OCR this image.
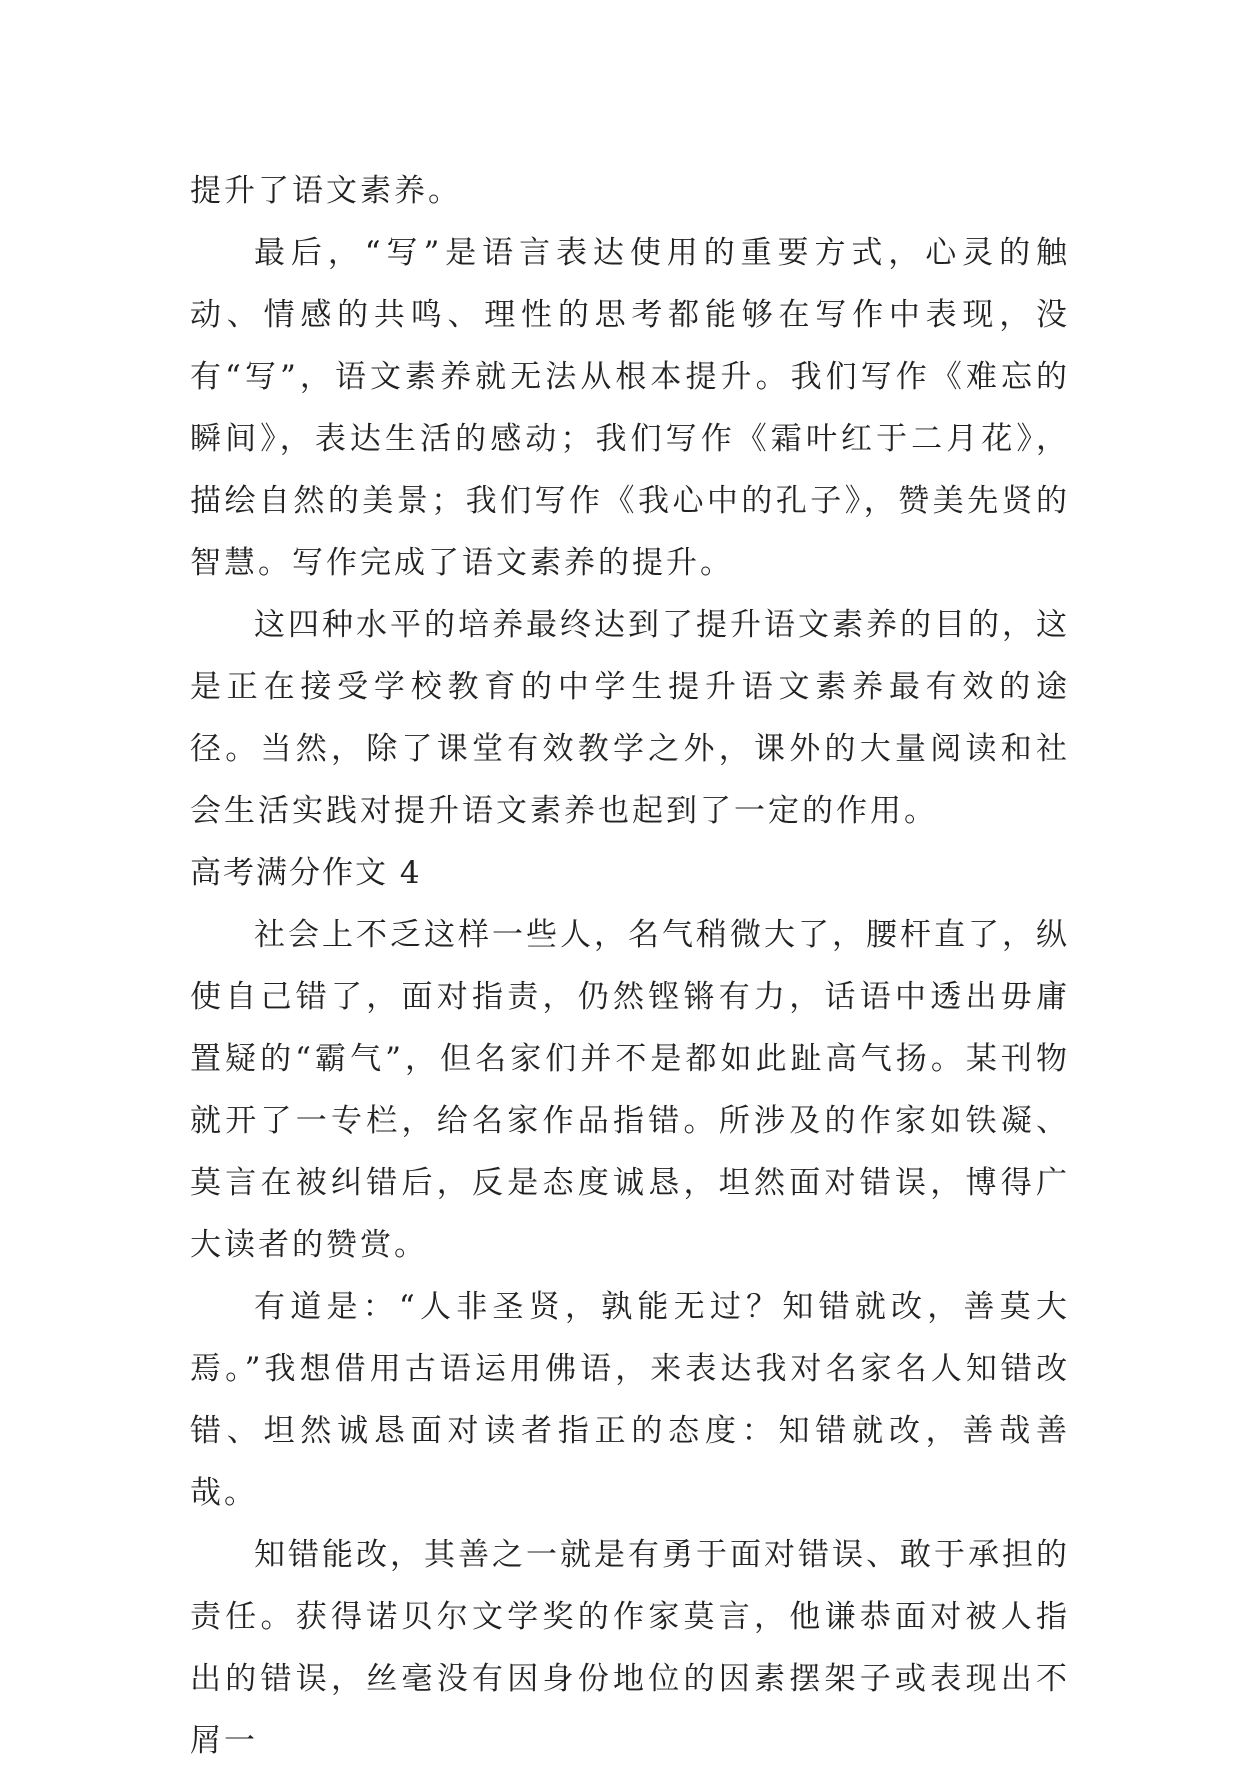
提升了语文素养。

最后，“写”是语言表达使用的重要方式，心灵的触动、情感的共鸣、理性的思考都能够在写作中表现，没有“写”，语文素养就无法从根本提升。我们写作《难忘的瞬间》，表达生活的感动；我们写作《霜叶红于二月花》，描绘自然的美景；我们写作《我心中的孔子》，赞美先贤的智慧。写作完成了语文素养的提升。

这四种水平的培养最终达到了提升语文素养的目的，这是正在接受学校教育的中学生提升语文素养最有效的途径。当然，除了课堂有效教学之外，课外的大量阅读和社会生活实践对提升语文素养也起到了一定的作用。

高考满分作文 4

社会上不乏这样一些人，名气稍微大了，腰杆直了，纵使自己错了，面对指责，仍然铿锵有力，话语中透出毋庸置疑的“霸气”，但名家们并不是都如此趾高气扬。某刊物就开了一专栏，给名家作品指错。所涉及的作家如铁凝、莫言在被纠错后，反是态度诚恳，坦然面对错误，博得广大读者的赞赏。

有道是：“人非圣贤，孰能无过？知错就改，善莫大焉。”我想借用古语运用佛语，来表达我对名家名人知错改错、坦然诚恳面对读者指正的态度：知错就改，善哉善哉。

知错能改，其善之一就是有勇于面对错误、敢于承担的责任。获得诺贝尔文学奖的作家莫言，他谦恭面对被人指出的错误，丝毫没有因身份地位的因素摆架子或表现出不屑一
